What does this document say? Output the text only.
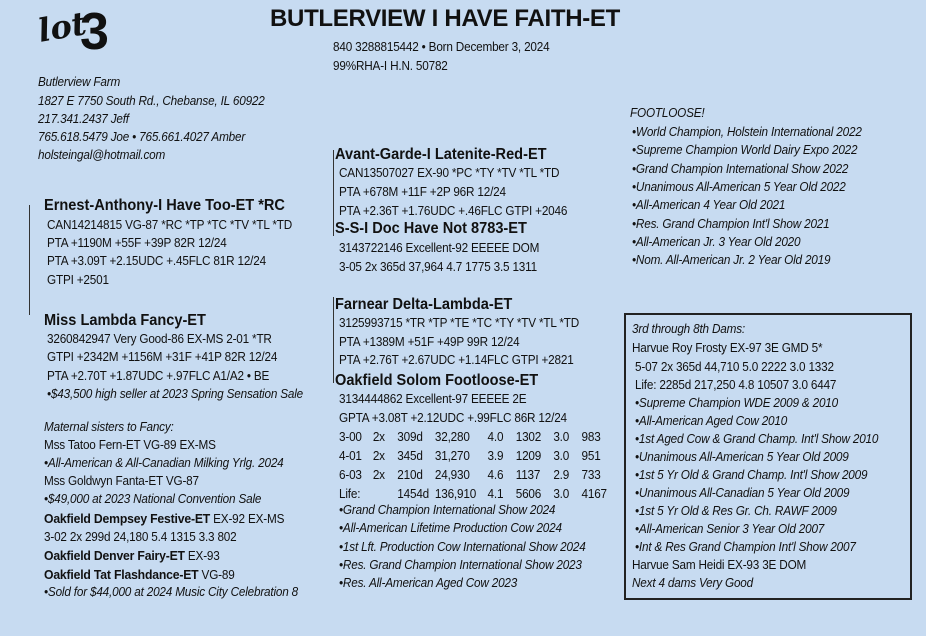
lot
3	BUTLERVIEW I HAVE FAITH-ET
840 3288815442 • Born December 3, 2024
99%RHA-I H.N. 50782
Butlerview Farm
1827 E 7750 South Rd., Chebanse, IL 60922
217.341.2437 Jeff
765.618.5479 Joe • 765.661.4027 Amber
holsteingal@hotmail.com
Ernest-Anthony-I Have Too-ET *RC
CAN14214815 VG-87 *RC *TP *TC *TV *TL *TD
PTA +1190M +55F +39P 82R 12/24
PTA +3.09T +2.15UDC +.45FLC 81R 12/24
GTPI +2501
Miss Lambda Fancy-ET
3260842947 Very Good-86 EX-MS 2-01 *TR
GTPI +2342M +1156M +31F +41P 82R 12/24
PTA +2.70T +1.87UDC +.97FLC A1/A2 • BE
•$43,500 high seller at 2023 Spring Sensation Sale
Maternal sisters to Fancy:
Mss Tatoo Fern-ET VG-89 EX-MS
•All-American & All-Canadian Milking Yrlg. 2024
Mss Goldwyn Fanta-ET VG-87
•$49,000 at 2023 National Convention Sale
Oakfield Dempsey Festive-ET EX-92 EX-MS
3-02 2x 299d 24,180 5.4 1315 3.3 802
Oakfield Denver Fairy-ET EX-93
Oakfield Tat Flashdance-ET VG-89
•Sold for $44,000 at 2024 Music City Celebration 8
Avant-Garde-I Latenite-Red-ET
CAN13507027 EX-90 *PC *TY *TV *TL *TD
PTA +678M +11F +2P 96R 12/24
PTA +2.36T +1.76UDC +.46FLC GTPI +2046
S-S-I Doc Have Not 8783-ET
3143722146 Excellent-92 EEEEE DOM
3-05 2x 365d 37,964 4.7 1775 3.5 1311
Farnear Delta-Lambda-ET
3125993715 *TR *TP *TE *TC *TY *TV *TL *TD
PTA +1389M +51F +49P 99R 12/24
PTA +2.76T +2.67UDC +1.14FLC GTPI +2821
Oakfield Solom Footloose-ET
3134444862 Excellent-97 EEEEE 2E
GPTA +3.08T +2.12UDC +.99FLC 86R 12/24
3-00 2x 309d 32,280 4.0 1302 3.0 983
4-01 2x 345d 31,270 3.9 1209 3.0 951
6-03 2x 210d 24,930 4.6 1137 2.9 733
Life:	1454d 136,910 4.1 5606 3.0 4167
•Grand Champion International Show 2024
•All-American Lifetime Production Cow 2024
•1st Lft. Production Cow International Show 2024
•Res. Grand Champion International Show 2023
•Res. All-American Aged Cow 2023
FOOTLOOSE!
•World Champion, Holstein International 2022
•Supreme Champion World Dairy Expo 2022
•Grand Champion International Show 2022
•Unanimous All-American 5 Year Old 2022
•All-American 4 Year Old 2021
•Res. Grand Champion Int'l Show 2021
•All-American Jr. 3 Year Old 2020
•Nom. All-American Jr. 2 Year Old 2019
3rd through 8th Dams:
Harvue Roy Frosty EX-97 3E GMD 5*
5-07 2x 365d 44,710 5.0 2222 3.0 1332
Life: 2285d 217,250 4.8 10507 3.0 6447
•Supreme Champion WDE 2009 & 2010
•All-American Aged Cow 2010
•1st Aged Cow & Grand Champ. Int'l Show 2010
•Unanimous All-American 5 Year Old 2009
•1st 5 Yr Old & Grand Champ. Int'l Show 2009
•Unanimous All-Canadian 5 Year Old 2009
•1st 5 Yr Old & Res Gr. Ch. RAWF 2009
•All-American Senior 3 Year Old 2007
•Int & Res Grand Champion Int'l Show 2007
Harvue Sam Heidi EX-93 3E DOM
Next 4 dams Very Good
